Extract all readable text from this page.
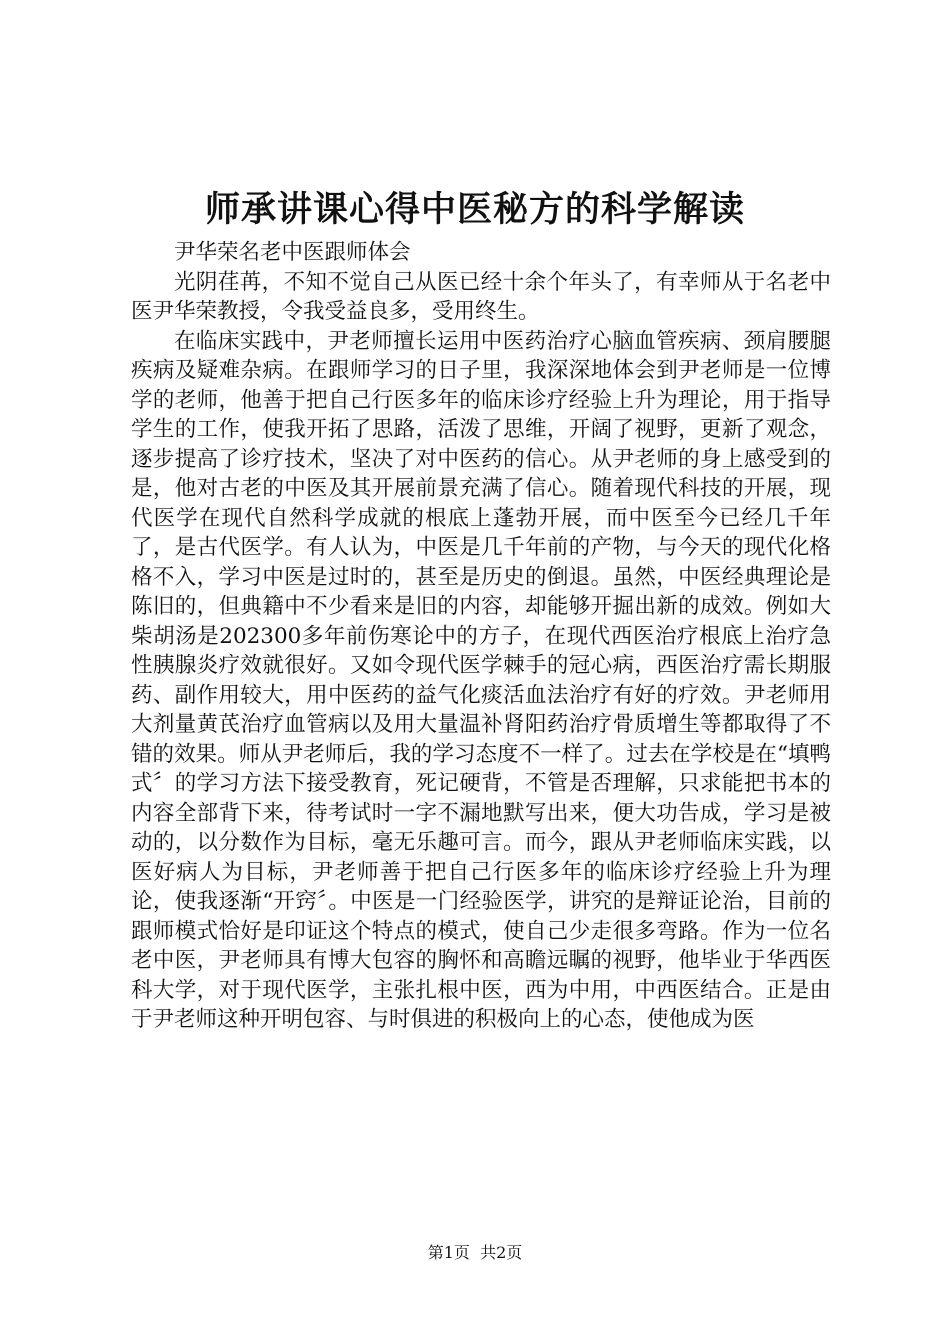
师承讲课心得中医秘方的科学解读

尹华荣名老中医跟师体会

光阴荏苒，不知不觉自己从医已经十余个年头了，有幸师从于名老中医尹华荣教授，令我受益良多，受用终生。

在临床实践中，尹老师擅长运用中医药治疗心脑血管疾病、颈肩腰腿疾病及疑难杂病。在跟师学习的日子里，我深深地体会到尹老师是一位博学的老师，他善于把自己行医多年的临床诊疗经验上升为理论，用于指导学生的工作，使我开拓了思路，活泼了思维，开阔了视野，更新了观念，逐步提高了诊疗技术，坚决了对中医药的信心。从尹老师的身上感受到的是，他对古老的中医及其开展前景充满了信心。随着现代科技的开展，现代医学在现代自然科学成就的根底上蓬勃开展，而中医至今已经几千年了，是古代医学。有人认为，中医是几千年前的产物，与今天的现代化格格不入，学习中医是过时的，甚至是历史的倒退。虽然，中医经典理论是陈旧的，但典籍中不少看来是旧的内容，却能够开掘出新的成效。例如大柴胡汤是202300多年前伤寒论中的方子，在现代西医治疗根底上治疗急性胰腺炎疗效就很好。又如令现代医学棘手的冠心病，西医治疗需长期服药、副作用较大，用中医药的益气化痰活血法治疗有好的疗效。尹老师用大剂量黄芪治疗血管病以及用大量温补肾阳药治疗骨质增生等都取得了不错的效果。师从尹老师后，我的学习态度不一样了。过去在学校是在“填鸭式〞的学习方法下接受教育，死记硬背，不管是否理解，只求能把书本的内容全部背下来，待考试时一字不漏地默写出来，便大功告成，学习是被动的，以分数作为目标，毫无乐趣可言。而今，跟从尹老师临床实践，以医好病人为目标，尹老师善于把自己行医多年的临床诊疗经验上升为理论，使我逐渐“开窍〞。中医是一门经验医学，讲究的是辩证论治，目前的跟师模式恰好是印证这个特点的模式，使自己少走很多弯路。作为一位名老中医，尹老师具有博大包容的胸怀和高瞻远瞩的视野，他毕业于华西医科大学，对于现代医学，主张扎根中医，西为中用，中西医结合。正是由于尹老师这种开明包容、与时俱进的积极向上的心态，使他成为医

第1页  共2页
